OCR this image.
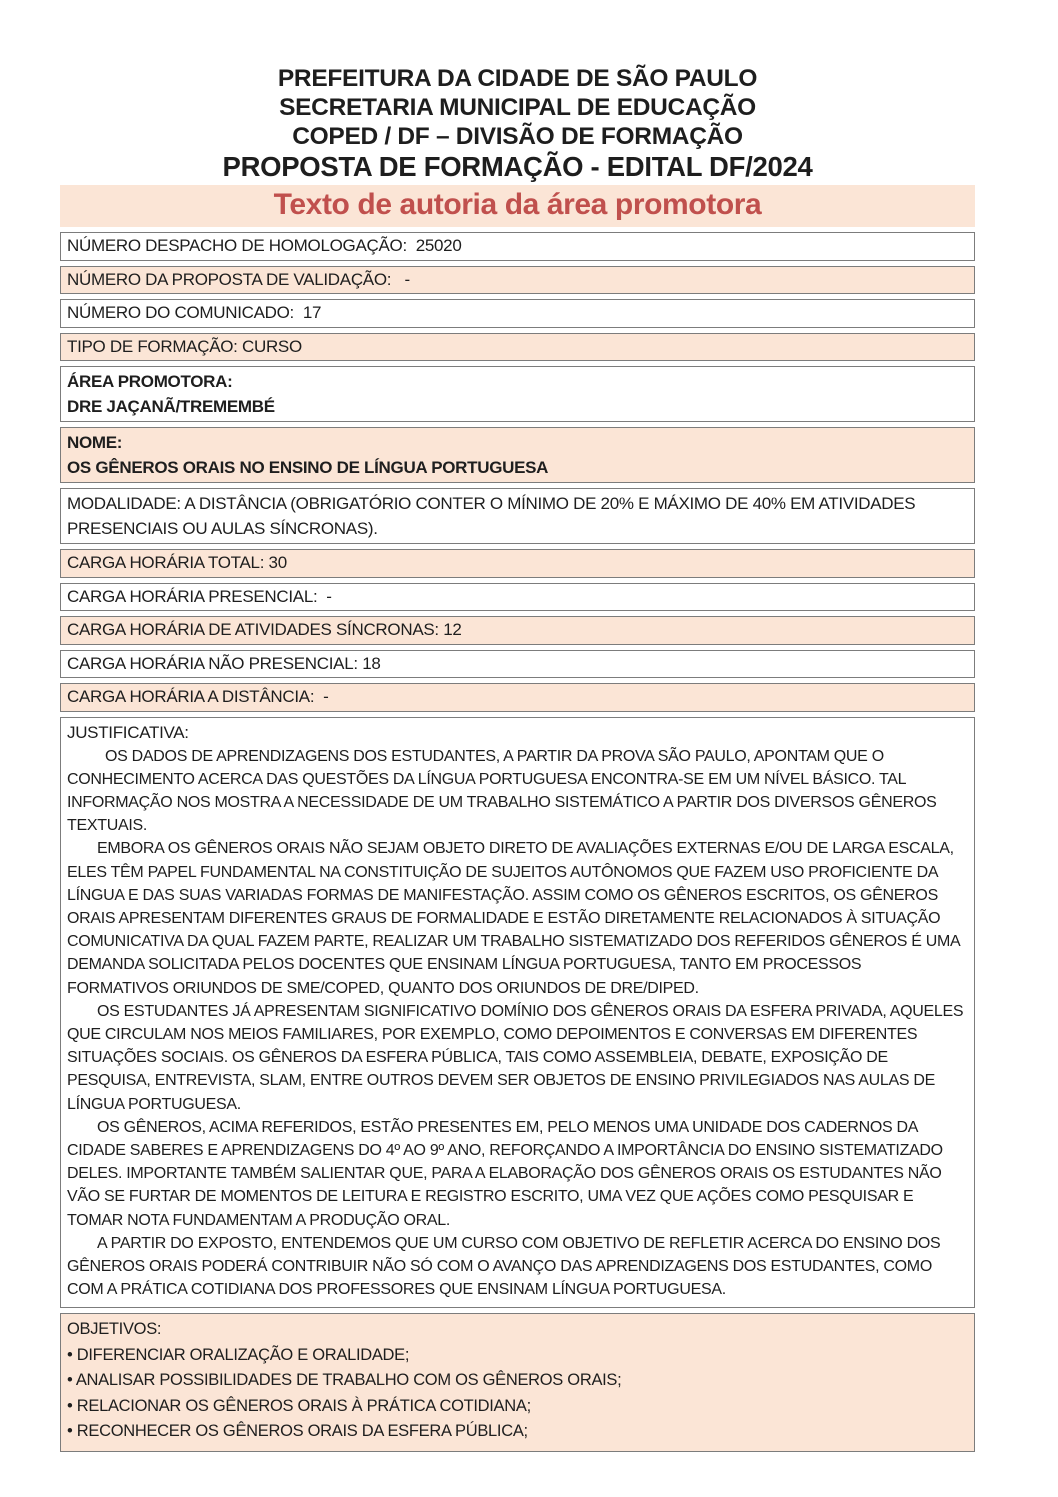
PREFEITURA DA CIDADE DE SÃO PAULO
SECRETARIA MUNICIPAL DE EDUCAÇÃO
COPED / DF – DIVISÃO DE FORMAÇÃO
PROPOSTA DE FORMAÇÃO - EDITAL DF/2024
Texto de autoria da área promotora
NÚMERO DESPACHO DE HOMOLOGAÇÃO:  25020
NÚMERO DA PROPOSTA DE VALIDAÇÃO:   -
NÚMERO DO COMUNICADO:  17
TIPO DE FORMAÇÃO: CURSO
ÁREA PROMOTORA:
DRE JAÇANÃ/TREMEMBÉ
NOME:
OS GÊNEROS ORAIS NO ENSINO DE LÍNGUA PORTUGUESA
MODALIDADE: A DISTÂNCIA (OBRIGATÓRIO CONTER O MÍNIMO DE 20% E MÁXIMO DE 40% EM ATIVIDADES PRESENCIAIS OU AULAS SÍNCRONAS).
CARGA HORÁRIA TOTAL: 30
CARGA HORÁRIA PRESENCIAL:  -
CARGA HORÁRIA DE ATIVIDADES SÍNCRONAS: 12
CARGA HORÁRIA NÃO PRESENCIAL: 18
CARGA HORÁRIA A DISTÂNCIA:  -
JUSTIFICATIVA:

OS DADOS DE APRENDIZAGENS DOS ESTUDANTES, A PARTIR DA PROVA SÃO PAULO, APONTAM QUE O CONHECIMENTO ACERCA DAS QUESTÕES DA LÍNGUA PORTUGUESA ENCONTRA-SE EM UM NÍVEL BÁSICO. TAL INFORMAÇÃO NOS MOSTRA A NECESSIDADE DE UM TRABALHO SISTEMÁTICO A PARTIR DOS DIVERSOS GÊNEROS TEXTUAIS.

EMBORA OS GÊNEROS ORAIS NÃO SEJAM OBJETO DIRETO DE AVALIAÇÕES EXTERNAS E/OU DE LARGA ESCALA, ELES TÊM PAPEL FUNDAMENTAL NA CONSTITUIÇÃO DE SUJEITOS AUTÔNOMOS QUE FAZEM USO PROFICIENTE DA LÍNGUA E DAS SUAS VARIADAS FORMAS DE MANIFESTAÇÃO. ASSIM COMO OS GÊNEROS ESCRITOS, OS GÊNEROS ORAIS APRESENTAM DIFERENTES GRAUS DE FORMALIDADE E ESTÃO DIRETAMENTE RELACIONADOS À SITUAÇÃO COMUNICATIVA DA QUAL FAZEM PARTE, REALIZAR UM TRABALHO SISTEMATIZADO DOS REFERIDOS GÊNEROS É UMA DEMANDA SOLICITADA PELOS DOCENTES QUE ENSINAM LÍNGUA PORTUGUESA, TANTO EM PROCESSOS FORMATIVOS ORIUNDOS DE SME/COPED, QUANTO DOS ORIUNDOS DE DRE/DIPED.

OS ESTUDANTES JÁ APRESENTAM SIGNIFICATIVO DOMÍNIO DOS GÊNEROS ORAIS DA ESFERA PRIVADA, AQUELES QUE CIRCULAM NOS MEIOS FAMILIARES, POR EXEMPLO, COMO DEPOIMENTOS E CONVERSAS EM DIFERENTES SITUAÇÕES SOCIAIS. OS GÊNEROS DA ESFERA PÚBLICA, TAIS COMO ASSEMBLEIA, DEBATE, EXPOSIÇÃO DE PESQUISA, ENTREVISTA, SLAM, ENTRE OUTROS DEVEM SER OBJETOS DE ENSINO PRIVILEGIADOS NAS AULAS DE LÍNGUA PORTUGUESA.

OS GÊNEROS, ACIMA REFERIDOS, ESTÃO PRESENTES EM, PELO MENOS UMA UNIDADE DOS CADERNOS DA CIDADE SABERES E APRENDIZAGENS DO 4º AO 9º ANO, REFORÇANDO A IMPORTÂNCIA DO ENSINO SISTEMATIZADO DELES. IMPORTANTE TAMBÉM SALIENTAR QUE, PARA A ELABORAÇÃO DOS GÊNEROS ORAIS OS ESTUDANTES NÃO VÃO SE FURTAR DE MOMENTOS DE LEITURA E REGISTRO ESCRITO, UMA VEZ QUE AÇÕES COMO PESQUISAR E TOMAR NOTA FUNDAMENTAM A PRODUÇÃO ORAL.

A PARTIR DO EXPOSTO, ENTENDEMOS QUE UM CURSO COM OBJETIVO DE REFLETIR ACERCA DO ENSINO DOS GÊNEROS ORAIS PODERÁ CONTRIBUIR NÃO SÓ COM O AVANÇO DAS APRENDIZAGENS DOS ESTUDANTES, COMO COM A PRÁTICA COTIDIANA DOS PROFESSORES QUE ENSINAM LÍNGUA PORTUGUESA.

OBJETIVOS:
• DIFERENCIAR ORALIZAÇÃO E ORALIDADE;
• ANALISAR POSSIBILIDADES DE TRABALHO COM OS GÊNEROS ORAIS;
• RELACIONAR OS GÊNEROS ORAIS À PRÁTICA COTIDIANA;
• RECONHECER OS GÊNEROS ORAIS DA ESFERA PÚBLICA;
